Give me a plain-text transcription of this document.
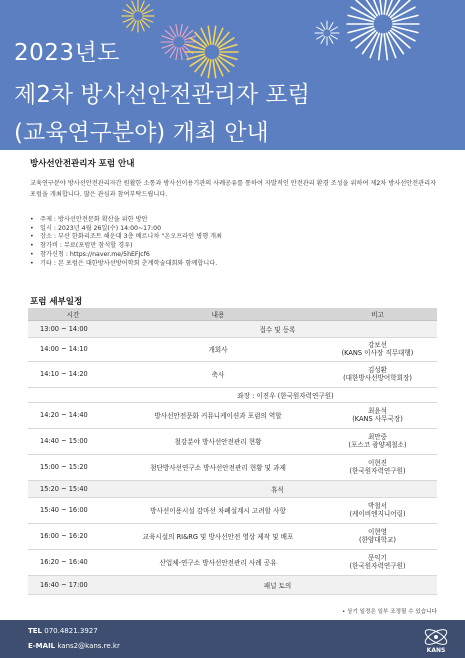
2023년도
제2차 방사선안전관리자 포럼
(교육연구분야) 개최 안내
방사선안전관리자 포럼 안내
교육연구분야 방사선안전관리자간 원활한 소통과 방사선이용기관의 사례공유를 통하여 자발적인 안전관리 환경 조성을 위하여 제2차 방사선안전관리자 포럼을 개최합니다. 많은 관심과 참여부탁드립니다.
• 주제 : 방사선안전문화 확산을 위한 방안
• 일시 : 2023년 4월 26일(수) 14:00~17:00
• 장소 : 부산 한화리조트 해운대 3층 베르나차 "온오프라인 병행 개최
• 참가비 : 무료(포럼만 참석할 경우)
• 참가신청 : https://naver.me/5hEFJcf6
• 기타 : 본 포럼은 대한방사선방어학회 춘계학술대회와 함께합니다.
포럼 세부일정
시간	내용	비고
13:00 ~ 14:00	접수 및 등록	
14:00 ~ 14:10	개회사	강보선
(KANS 이사장 직무대행)

14:10 ~ 14:20	축사	김성환
(대한방사선방어학회장)

좌장 : 이진우 (한국원자력연구원)		
14:20 ~ 14:40	방사선안전문화 커뮤니케이션과 포럼의 역할	최윤석
(KANS 사무국장)

14:40 ~ 15:00	철강분야 방사선안전관리 현황	최만중
(포스코 광양제철소)

15:00 ~ 15:20	첨단방사선연구소 방사선안전관리 현황 및 과제	이현진
(한국원자력연구원)

15:20 ~ 15:40	휴식	
15:40 ~ 16:00	방사선이용시설 감마선 차폐설계시 고려할 사항	박철서
(케이비엔지니어링)

16:00 ~ 16:20	교육시설의 RI&RG 및 방사선안전 영상 제작 및 배포	이현영
(한양대학교)

16:20 ~ 16:40	산업체-연구소 방사선안전관리 사례 공유	문익기
(한국원자력연구원)

16:40 ~ 17:00	패널 토의	
• 상기 일정은 일부 조정될 수 있습니다
TEL 070.4821.3927
E-MAIL kans2@kans.re.kr
KANS
